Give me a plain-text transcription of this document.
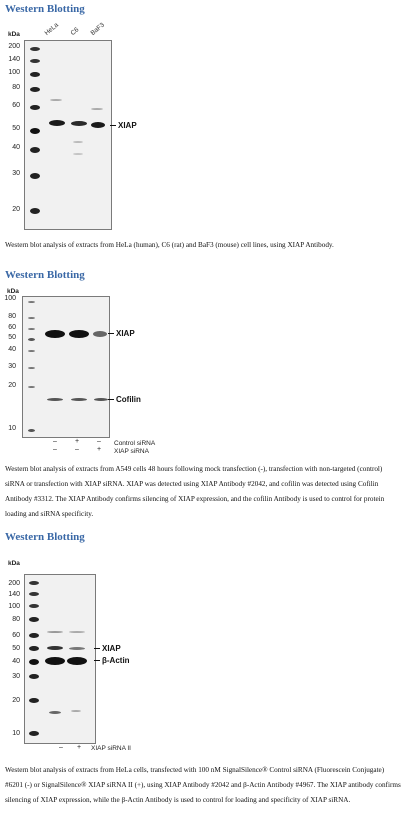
Western Blotting
kDa
200
140
100
80
60
50
40
30
20
HeLa C6 BaF3
XIAP
Western blot analysis of extracts from HeLa (human), C6 (rat) and BaF3 (mouse) cell lines, using XIAP Antibody.
Western Blotting
kDa
100
80
60
50
40
30
20
10
XIAP
Cofilin
–	+	–	Control siRNA
–	–	+	XIAP siRNA
Western blot analysis of extracts from A549 cells 48 hours following mock transfection (-), transfection with non-targeted (control) siRNA or transfection with XIAP siRNA. XIAP was detected using XIAP Antibody #2042, and cofilin was detected using Cofilin Antibody #3312. The XIAP Antibody confirms silencing of XIAP expression, and the cofilin Antibody is used to control for protein loading and siRNA specificity.
Western Blotting
kDa
200
140
100
80
60
50
40
30
20
10
XIAP
β-Actin
–	+	XIAP siRNA II
Western blot analysis of extracts from HeLa cells, transfected with 100 nM SignalSilence® Control siRNA (Fluorescein Conjugate) #6201 (-) or SignalSilence® XIAP siRNA II (+), using XIAP Antibody #2042 and β-Actin Antibody #4967. The XIAP antibody confirms silencing of XIAP expression, while the β-Actin Antibody is used to control for loading and specificity of XIAP siRNA.
